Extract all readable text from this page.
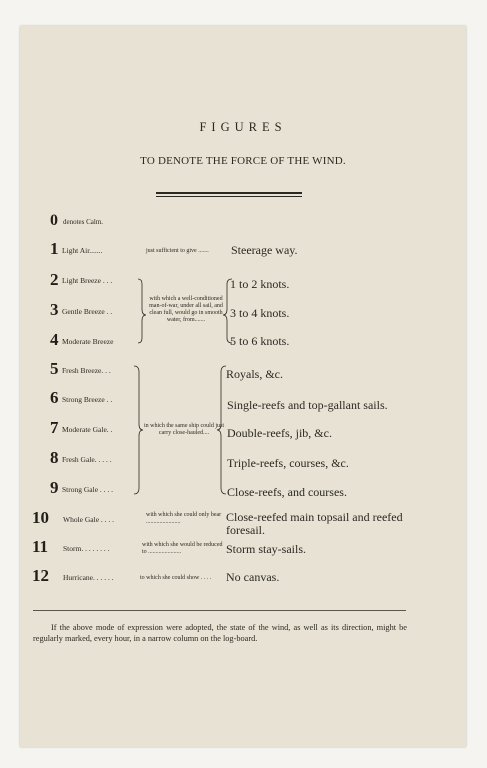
FIGURES
TO DENOTE THE FORCE OF THE WIND.
0 denotes Calm.
1 Light Air.......	just sufficient to give .......	Steerage way.
2 Light Breeze . . .	1 to 2 knots.
3 Gentle Breeze . .	3 to 4 knots.
4 Moderate Breeze	5 to 6 knots.
with which a well-conditioned man-of-war, under all sail, and clean full, would go in smooth water, from.......
5 Fresh Breeze. . .	Royals, &c.
6 Strong Breeze . .	Single-reefs and top-gallant sails.
7 Moderate Gale. .	Double-reefs, jib, &c.
in which the same ship could just carry close-hauled....
8 Fresh Gale. . . . .	Triple-reefs, courses, &c.
9 Strong Gale . . . .	Close-reefs, and courses.
10 Whole Gale . . . .	with which she could only bear .......................	Close-reefed main topsail and reefed foresail.
11 Storm. . . . . . . .	with which she would be reduced to ......................	Storm stay-sails.
12 Hurricane. . . . . .	to which she could show . . . .	No canvas.
If the above mode of expression were adopted, the state of the wind, as well as its direction, might be regularly marked, every hour, in a narrow column on the log-board.
